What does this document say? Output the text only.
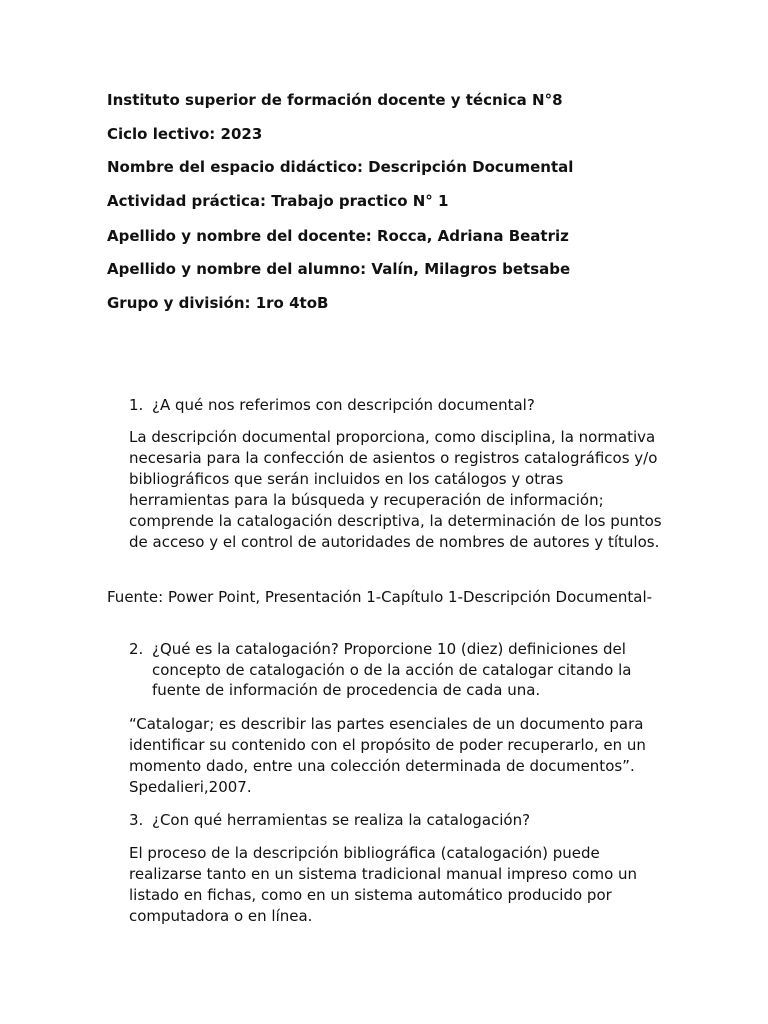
Instituto superior de formación docente y técnica N°8
Ciclo lectivo: 2023
Nombre del espacio didáctico: Descripción Documental
Actividad práctica: Trabajo practico N° 1
Apellido y nombre del docente: Rocca, Adriana Beatriz
Apellido y nombre del alumno: Valín, Milagros betsabe
Grupo y división: 1ro 4toB
1. ¿A qué nos referimos con descripción documental?
La descripción documental proporciona, como disciplina, la normativa necesaria para la confección de asientos o registros catalográficos y/o bibliográficos que serán incluidos en los catálogos y otras herramientas para la búsqueda y recuperación de información; comprende la catalogación descriptiva, la determinación de los puntos de acceso y el control de autoridades de nombres de autores y títulos.
Fuente: Power Point, Presentación 1-Capítulo 1-Descripción Documental-
2. ¿Qué es la catalogación? Proporcione 10 (diez) definiciones del concepto de catalogación o de la acción de catalogar citando la fuente de información de procedencia de cada una.
“Catalogar; es describir las partes esenciales de un documento para identificar su contenido con el propósito de poder recuperarlo, en un momento dado, entre una colección determinada de documentos”. Spedalieri,2007.
3. ¿Con qué herramientas se realiza la catalogación?
El proceso de la descripción bibliográfica (catalogación) puede realizarse tanto en un sistema tradicional manual impreso como un listado en fichas, como en un sistema automático producido por computadora o en línea.
